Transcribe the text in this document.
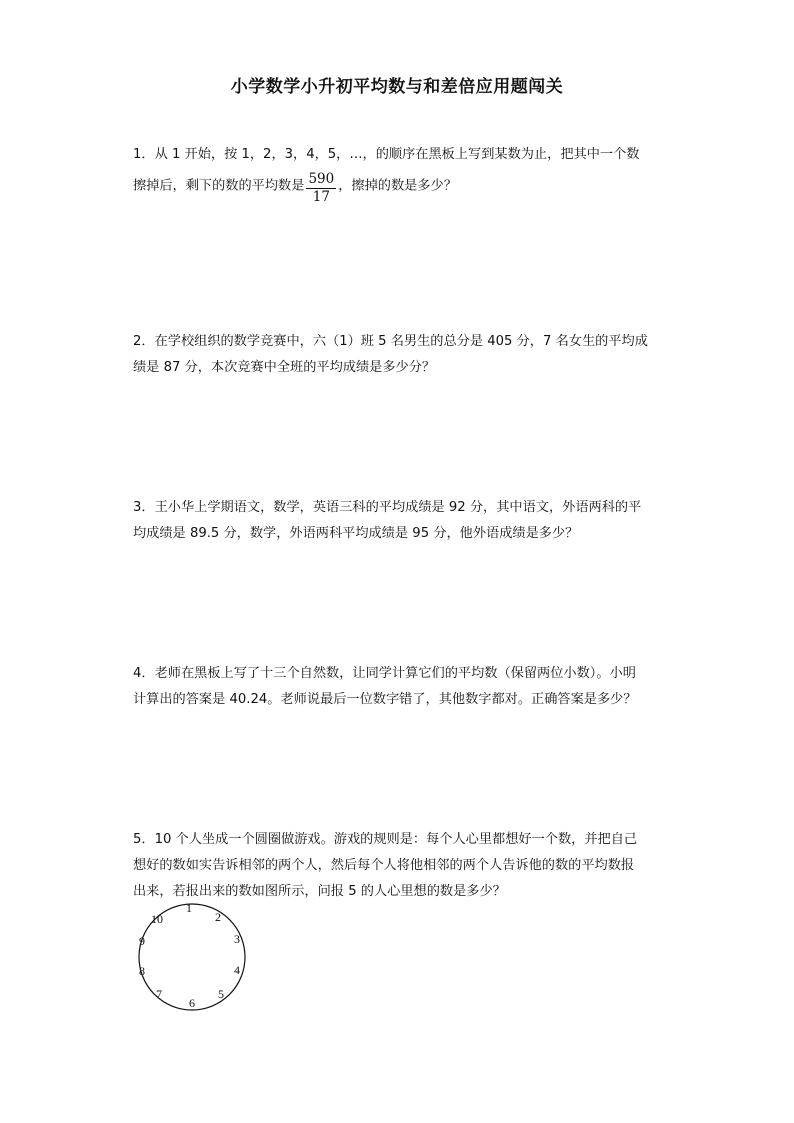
小学数学小升初平均数与和差倍应用题闯关
1．从 1 开始，按 1，2，3，4，5，…，的顺序在黑板上写到某数为止，把其中一个数
擦掉后，剩下的数的平均数是 $\frac{590}{17}$ ，擦掉的数是多少？
2．在学校组织的数学竞赛中，六（1）班 5 名男生的总分是 405 分，7 名女生的平均成
绩是 87 分，本次竞赛中全班的平均成绩是多少分？
3．王小华上学期语文，数学，英语三科的平均成绩是 92 分，其中语文，外语两科的平
均成绩是 89.5 分，数学，外语两科平均成绩是 95 分，他外语成绩是多少？
4．老师在黑板上写了十三个自然数，让同学计算它们的平均数（保留两位小数）。小明
计算出的答案是 40.24。老师说最后一位数字错了，其他数字都对。正确答案是多少？
5．10 个人坐成一个圆圈做游戏。游戏的规则是：每个人心里都想好一个数，并把自己
想好的数如实告诉相邻的两个人，然后每个人将他相邻的两个人告诉他的数的平均数报
出来，若报出来的数如图所示，问报 5 的人心里想的数是多少？
1
2
3
4
5
6
7
8
9
10
